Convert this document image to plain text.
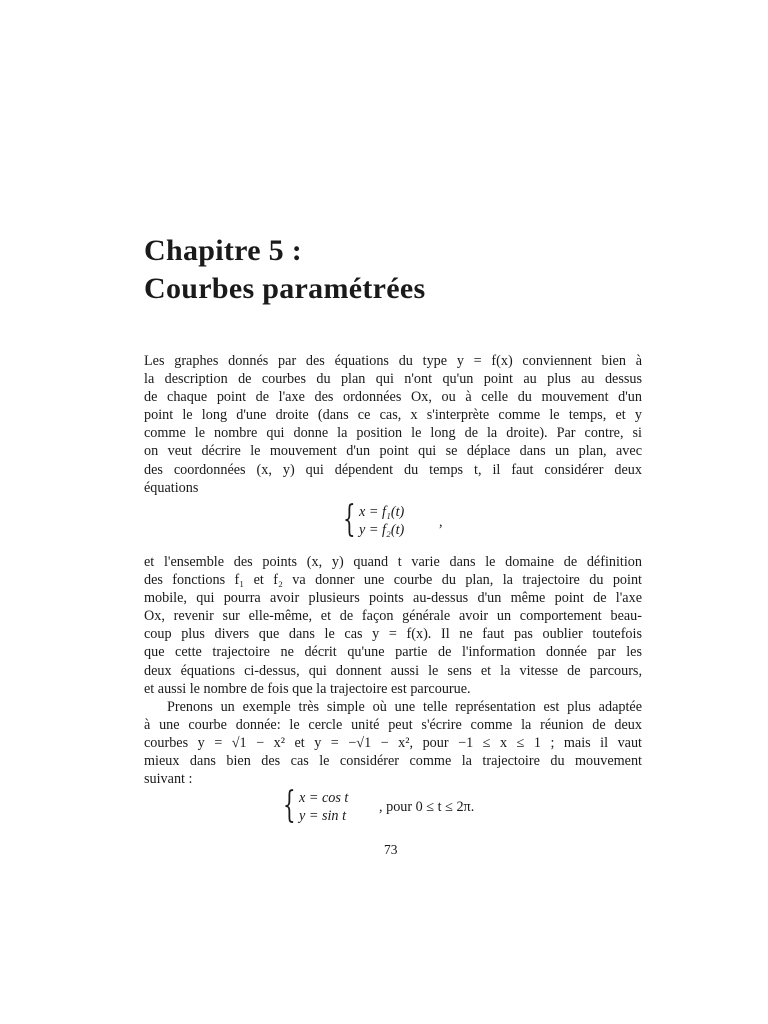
Chapitre 5 :
Courbes paramétrées
Les graphes donnés par des équations du type y = f(x) conviennent bien à
la description de courbes du plan qui n'ont qu'un point au plus au dessus
de chaque point de l'axe des ordonnées Ox, ou à celle du mouvement d'un
point le long d'une droite (dans ce cas, x s'interprète comme le temps, et y
comme le nombre qui donne la position le long de la droite). Par contre, si
on veut décrire le mouvement d'un point qui se déplace dans un plan, avec
des coordonnées (x, y) qui dépendent du temps t, il faut considérer deux
équations
{ x = f₁(t)
y = f₂(t) ,
et l'ensemble des points (x, y) quand t varie dans le domaine de définition
des fonctions f₁ et f₂ va donner une courbe du plan, la trajectoire du point
mobile, qui pourra avoir plusieurs points au-dessus d'un même point de l'axe
Ox, revenir sur elle-même, et de façon générale avoir un comportement beau-
coup plus divers que dans le cas y = f(x). Il ne faut pas oublier toutefois
que cette trajectoire ne décrit qu'une partie de l'information donnée par les
deux équations ci-dessus, qui donnent aussi le sens et la vitesse de parcours,
et aussi le nombre de fois que la trajectoire est parcourue.
Prenons un exemple très simple où une telle représentation est plus adaptée
à une courbe donnée: le cercle unité peut s'écrire comme la réunion de deux
courbes y = √1 − x² et y = −√1 − x², pour −1 ≤ x ≤ 1 ; mais il vaut
mieux dans bien des cas le considérer comme la trajectoire du mouvement
suivant :
{ x = cos t
y = sin t
, pour 0 ≤ t ≤ 2π.
73
